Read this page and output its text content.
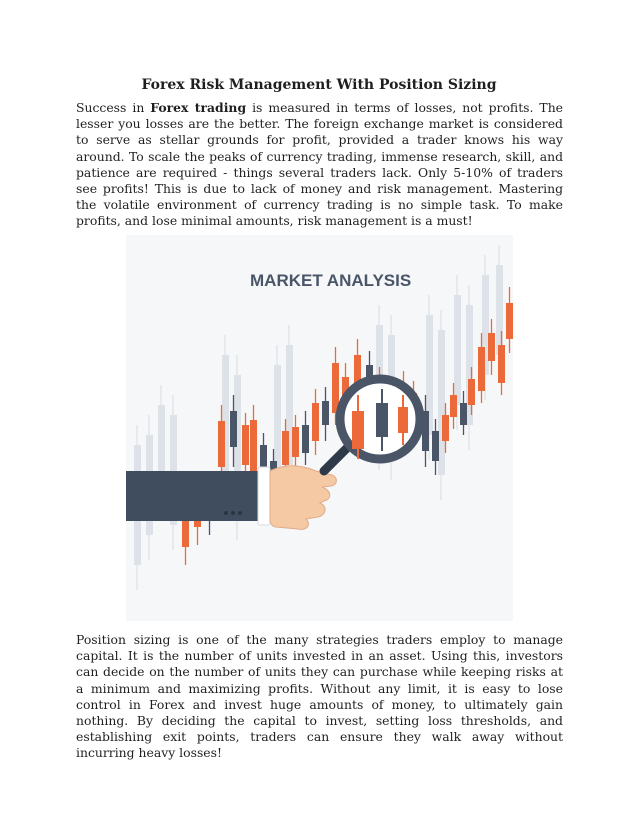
Forex Risk Management With Position Sizing

Success in Forex trading is measured in terms of losses, not profits. The lesser you losses are the better. The foreign exchange market is considered to serve as stellar grounds for profit, provided a trader knows his way around. To scale the peaks of currency trading, immense research, skill, and patience are required - things several traders lack. Only 5-10% of traders see profits! This is due to lack of money and risk management. Mastering the volatile environment of currency trading is no simple task. To make profits, and lose minimal amounts, risk management is a must!

MARKET ANALYSIS

Position sizing is one of the many strategies traders employ to manage capital. It is the number of units invested in an asset. Using this, investors can decide on the number of units they can purchase while keeping risks at a minimum and maximizing profits. Without any limit, it is easy to lose control in Forex and invest huge amounts of money, to ultimately gain nothing. By deciding the capital to invest, setting loss thresholds, and establishing exit points, traders can ensure they walk away without incurring heavy losses!
